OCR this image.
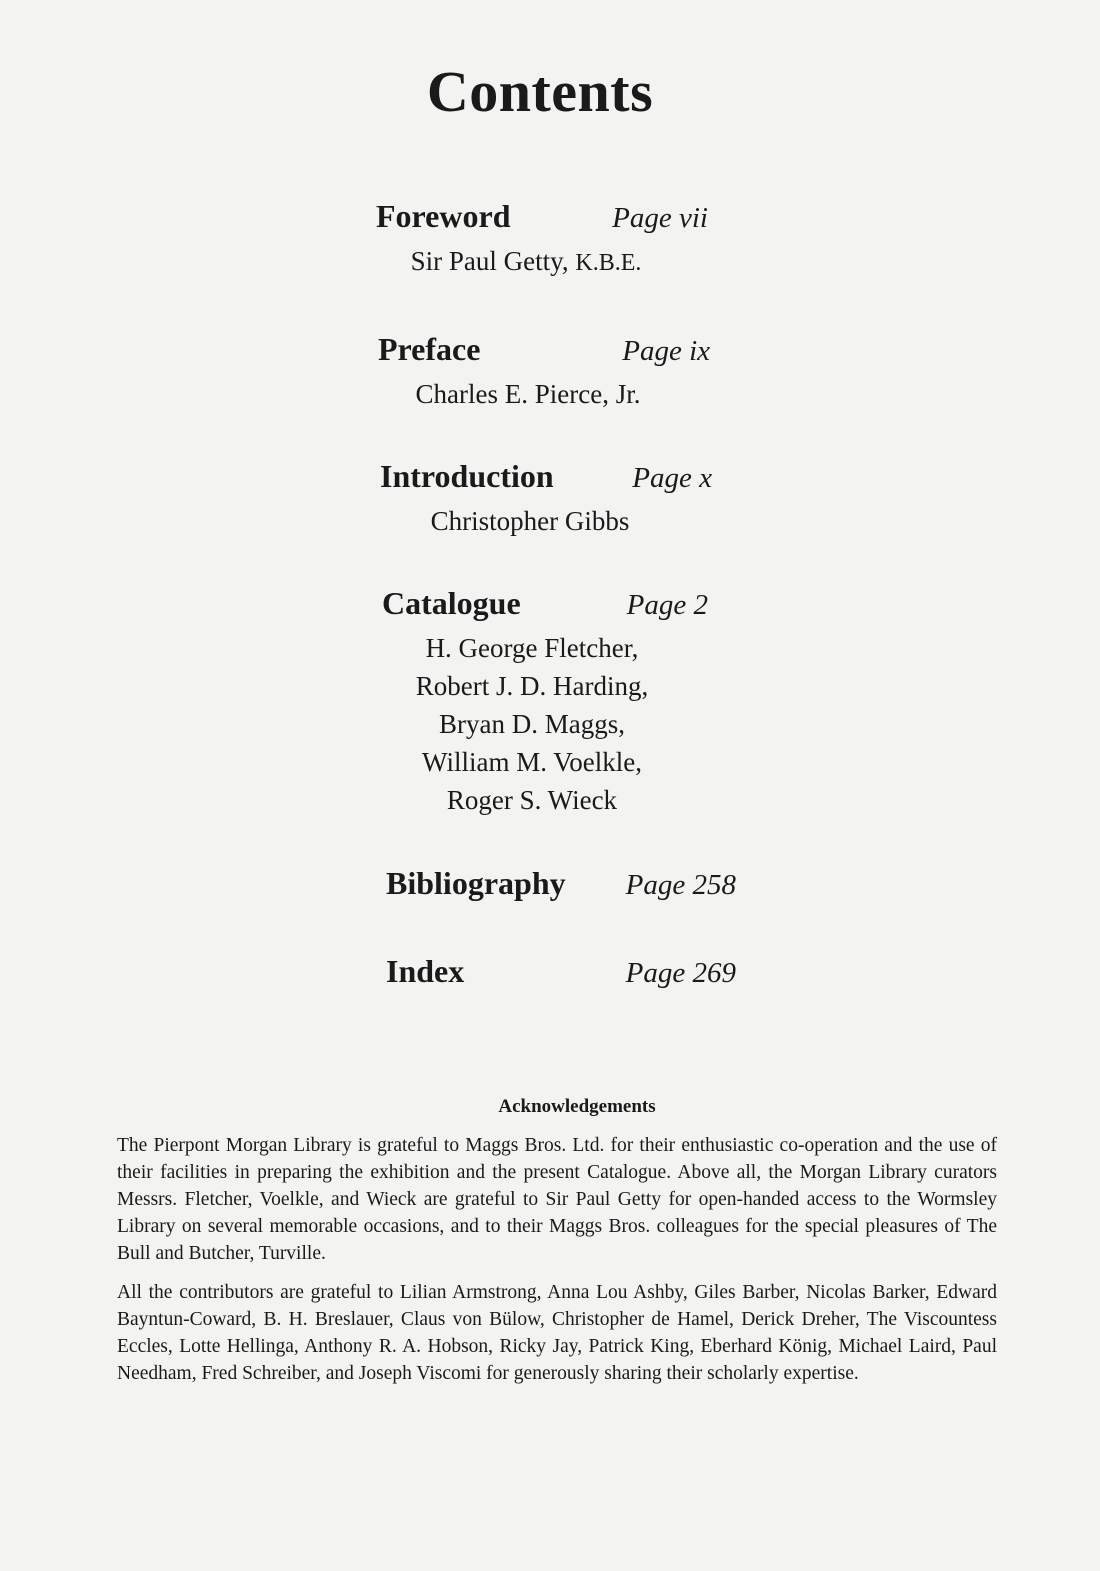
Contents
Foreword	Page vii
Sir Paul Getty, K.B.E.
Preface	Page ix
Charles E. Pierce, Jr.
Introduction	Page x
Christopher Gibbs
Catalogue	Page 2
H. George Fletcher,
Robert J. D. Harding,
Bryan D. Maggs,
William M. Voelkle,
Roger S. Wieck
Bibliography Page 258
Index	Page 269
Acknowledgements

The Pierpont Morgan Library is grateful to Maggs Bros. Ltd. for their enthusiastic co-operation and the use of their facilities in preparing the exhibition and the present Catalogue. Above all, the Morgan Library curators Messrs. Fletcher, Voelkle, and Wieck are grateful to Sir Paul Getty for open-handed access to the Wormsley Library on several memorable occasions, and to their Maggs Bros. colleagues for the special pleasures of The Bull and Butcher, Turville.

All the contributors are grateful to Lilian Armstrong, Anna Lou Ashby, Giles Barber, Nicolas Barker, Edward Bayntun-Coward, B. H. Breslauer, Claus von Bülow, Christopher de Hamel, Derick Dreher, The Viscountess Eccles, Lotte Hellinga, Anthony R. A. Hobson, Ricky Jay, Patrick King, Eberhard König, Michael Laird, Paul Needham, Fred Schreiber, and Joseph Viscomi for generously sharing their scholarly expertise.
